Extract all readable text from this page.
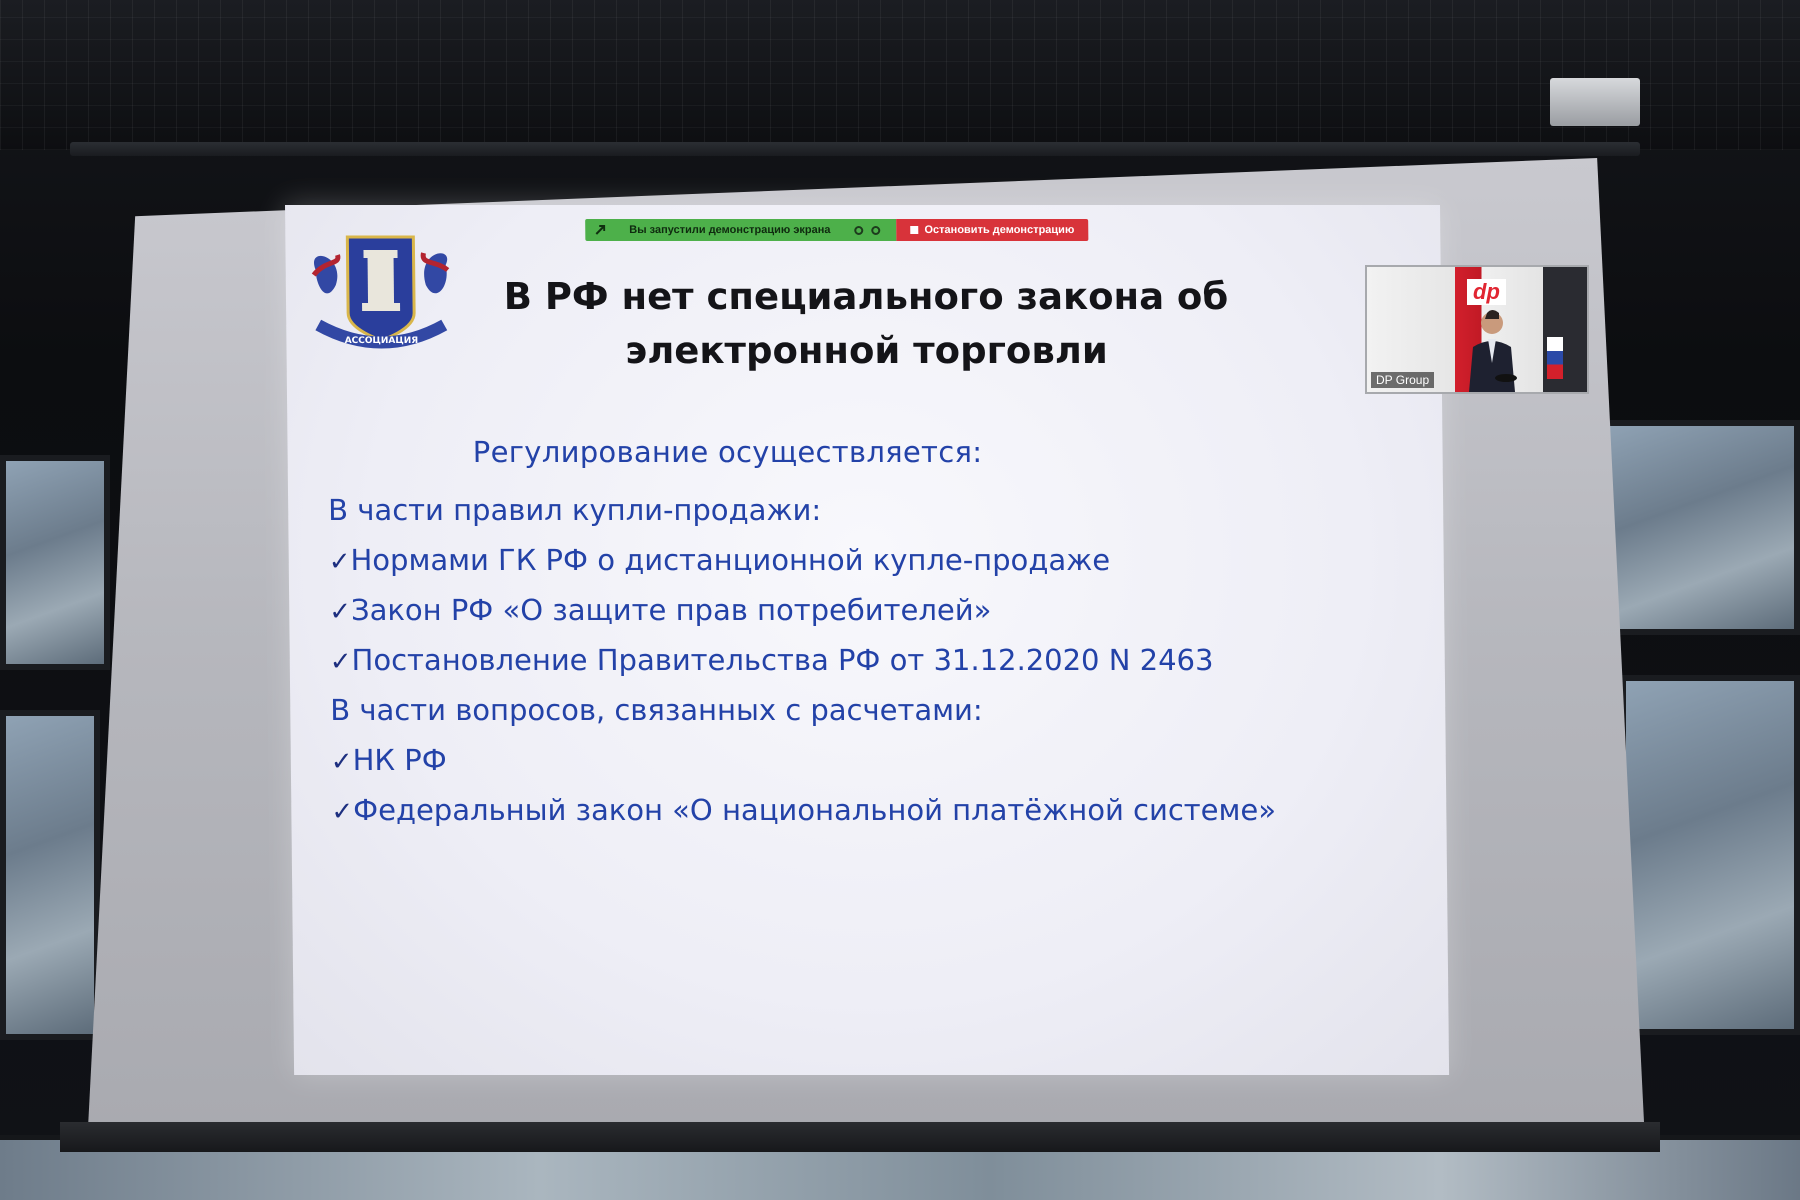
Вы запустили демонстрацию экрана	Остановить демонстрацию
АССОЦИАЦИЯ
В РФ нет специального закона об
электронной торговли
Регулирование осуществляется:
В части правил купли-продажи:
✓Нормами ГК РФ о дистанционной купле-продаже
✓Закон РФ «О защите прав потребителей»
✓Постановление Правительства РФ от 31.12.2020 N 2463
В части вопросов, связанных с расчетами:
✓НК РФ
✓Федеральный закон «О национальной платёжной системе»
dp
DP Group
